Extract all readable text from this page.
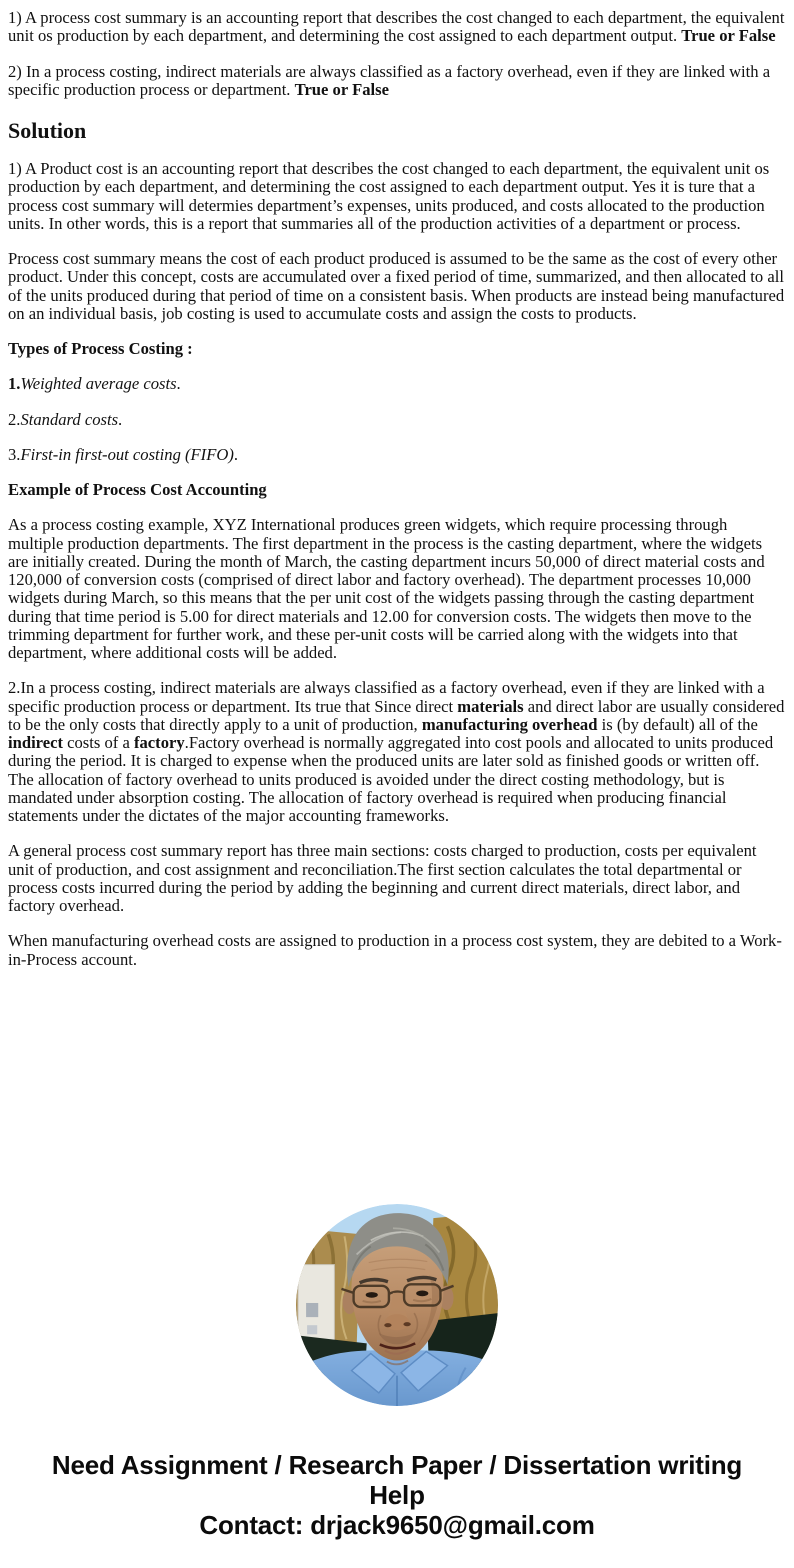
1) A process cost summary is an accounting report that describes the cost changed to each department, the equivalent unit os production by each department, and determining the cost assigned to each department output. True or False

2) In a process costing, indirect materials are always classified as a factory overhead, even if they are linked with a specific production process or department. True or False

Solution

1) A Product cost is an accounting report that describes the cost changed to each department, the equivalent unit os production by each department, and determining the cost assigned to each department output. Yes it is ture that a process cost summary will determies department’s expenses, units produced, and costs allocated to the production units. In other words, this is a report that summaries all of the production activities of a department or process.

Process cost summary means the cost of each product produced is assumed to be the same as the cost of every other product. Under this concept, costs are accumulated over a fixed period of time, summarized, and then allocated to all of the units produced during that period of time on a consistent basis. When products are instead being manufactured on an individual basis, job costing is used to accumulate costs and assign the costs to products.

Types of Process Costing :

1.Weighted average costs.

2.Standard costs.

3.First-in first-out costing (FIFO).

Example of Process Cost Accounting

As a process costing example, XYZ International produces green widgets, which require processing through multiple production departments. The first department in the process is the casting department, where the widgets are initially created. During the month of March, the casting department incurs 50,000 of direct material costs and 120,000 of conversion costs (comprised of direct labor and factory overhead). The department processes 10,000 widgets during March, so this means that the per unit cost of the widgets passing through the casting department during that time period is 5.00 for direct materials and 12.00 for conversion costs. The widgets then move to the trimming department for further work, and these per-unit costs will be carried along with the widgets into that department, where additional costs will be added.

2.In a process costing, indirect materials are always classified as a factory overhead, even if they are linked with a specific production process or department. Its true that Since direct materials and direct labor are usually considered to be the only costs that directly apply to a unit of production, manufacturing overhead is (by default) all of the indirect costs of a factory.Factory overhead is normally aggregated into cost pools and allocated to units produced during the period. It is charged to expense when the produced units are later sold as finished goods or written off. The allocation of factory overhead to units produced is avoided under the direct costing methodology, but is mandated under absorption costing. The allocation of factory overhead is required when producing financial statements under the dictates of the major accounting frameworks.

A general process cost summary report has three main sections: costs charged to production, costs per equivalent unit of production, and cost assignment and reconciliation.The first section calculates the total departmental or process costs incurred during the period by adding the beginning and current direct materials, direct labor, and factory overhead.

When manufacturing overhead costs are assigned to production in a process cost system, they are debited to a Work-in-Process account.

Need Assignment / Research Paper / Dissertation writing Help
Contact: drjack9650@gmail.com
